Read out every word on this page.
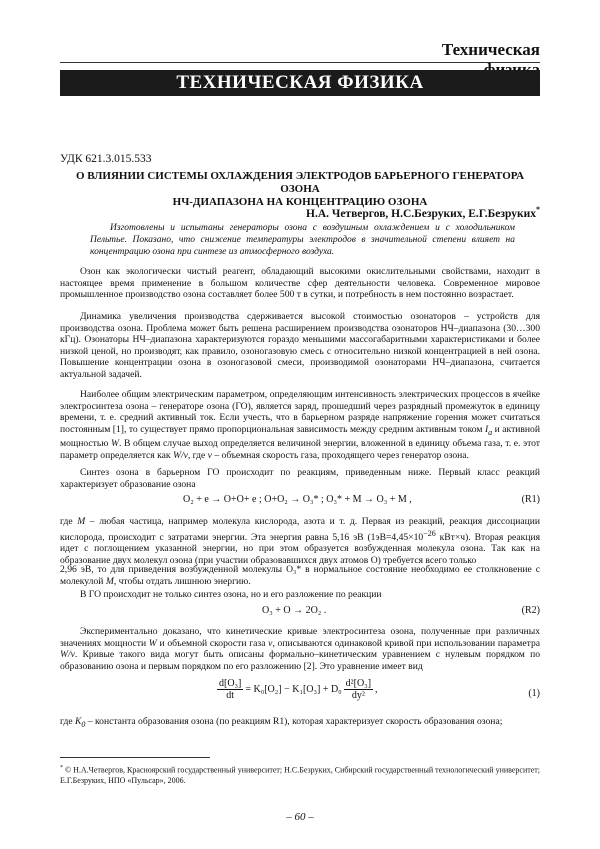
Техническая
ТЕХНИЧЕСКАЯ ФИЗИКА
УДК 621.3.015.533
О ВЛИЯНИИ СИСТЕМЫ ОХЛАЖДЕНИЯ ЭЛЕКТРОДОВ БАРЬЕРНОГО ГЕНЕРАТОРА ОЗОНА
НЧ-ДИАПАЗОНА НА КОНЦЕНТРАЦИЮ ОЗОНА
Н.А. Четвергов, Н.С.Безруких, Е.Г.Безруких*
Изготовлены и испытаны генераторы озона с воздушным охлаждением и с холодильником Пельтье. Показано, что снижение температуры электродов в значительной степени влияет на концентрацию озона при синтезе из атмосферного воздуха.

Озон как экологически чистый реагент, обладающий высокими окислительными свойствами, находит в настоящее время применение в большом количестве сфер деятельности человека. Современное мировое промышленное производство озона составляет более 500 т в сутки, и потребность в нем постоянно возрастает.

Динамика увеличения производства сдерживается высокой стоимостью озонаторов – устройств для производства озона. Проблема может быть решена расширением производства озонаторов НЧ–диапазона (30…300 кГц). Озонаторы НЧ–диапазона характеризуются гораздо меньшими массогабаритными характеристиками и более низкой ценой, но производят, как правило, озоногазовую смесь с относительно низкой концентрацией в ней озона. Повышение концентрации озона в озоногазовой смеси, производимой озонаторами НЧ–диапазона, считается актуальной задачей.

Наиболее общим электрическим параметром, определяющим интенсивность электрических процессов в ячейке электросинтеза озона – генераторе озона (ГО), является заряд, прошедший через разрядный промежуток в единицу времени, т. е. средний активный ток. Если учесть, что в барьерном разряде напряжение горения может считаться постоянным [1], то существует прямо пропорциональная зависимость между средним активным током $I_a$ и активной мощностью W. В общем случае выход определяется величиной энергии, вложенной в единицу объема газа, т. е. этот параметр определяется как W/v, где v – объемная скорость газа, проходящего через генератор озона.

Синтез озона в барьерном ГО происходит по реакциям, приведенным ниже. Первый класс реакций характеризует образование озона

O₂ + e → O+O+ e ; O+O₂ → O₃* ; O₃* + M → O₃ + M ,	(R1)

где M – любая частица, например молекула кислорода, азота и т. д. Первая из реакций, реакция диссоциации кислорода, происходит с затратами энергии. Эта энергия равна 5,16 эВ ($1эВ=4,45\times 10^{-26}$ кВт×ч). Вторая реакция идет с поглощением указанной энергии, но при этом образуется возбужденная молекула озона. Так как на образование двух молекул озона (при участии образовавшихся двух атомов О) требуется всего только

2,96 эВ, то для приведения возбужденной молекулы O₃* в нормальное состояние необходимо ее столкновение с молекулой M, чтобы отдать лишнюю энергию.

В ГО происходит не только синтез озона, но и его разложение по реакции

O₃ + O → 2O₂ .	(R2)

Экспериментально доказано, что кинетические кривые электросинтеза озона, полученные при различных значениях мощности W и объемной скорости газа v, описываются одинаковой кривой при использовании параметра W/v. Кривые такого вида могут быть описаны формально–кинетическим уравнением с нулевым порядком по образованию озона и первым порядком по его разложению [2]. Это уравнение имеет вид

$\frac{\text{d[O₃]}}{dt} = K_0[O_2] - K_1[O_3] + D_0 \frac{\text{d²[O₃]}}{\text{dy²}}$ ,	(1)

где $K_0$ – константа образования озона (по реакциям R1), которая характеризует скорость образования озона;

* © Н.А.Четвергов, Красноярский государственный университет; Н.С.Безруких, Сибирский государственный технологический университет; Е.Г.Безруких, НПО «Пульсар», 2006.
– 60 –
